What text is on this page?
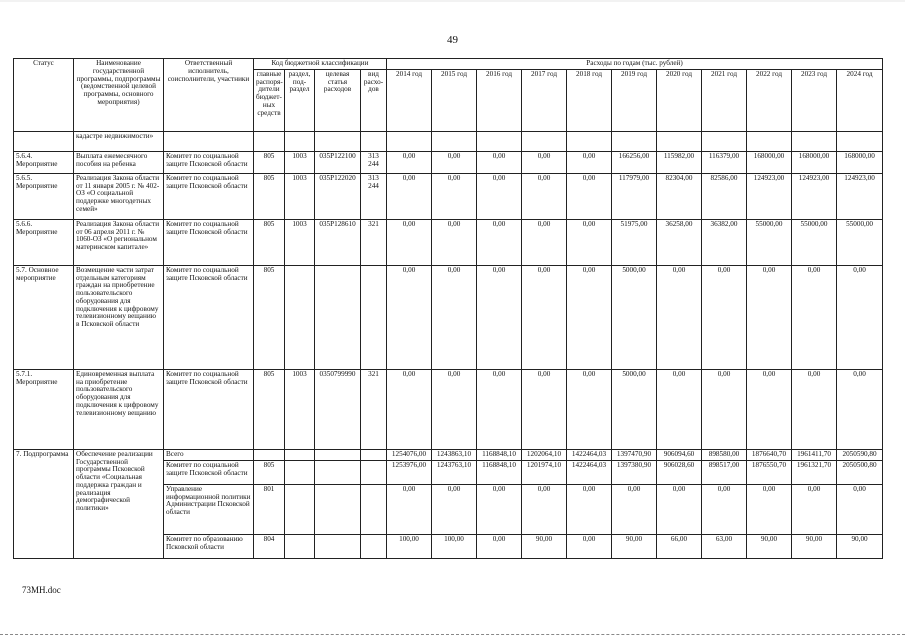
49
Статус	Наименование государственной программы, подпрограммы (ведомственной целевой программы, основного мероприятия)	Ответственный исполнитель, соисполнители, участники	Код бюджетной классификации				Расходы по годам (тыс. рублей)										
			главные распоря-дители бюджет-ных средств	раздел, под-раздел	целевая статья расходов	вид расхо-дов	2014 год	2015 год	2016 год	2017 год	2018 год	2019 год	2020 год	2021 год	2022 год	2023 год	2024 год
	кадастре недвижимости»																
5.6.4. Мероприятие	Выплата ежемесячного пособия на ребенка	Комитет по социальной защите Псковской области	805	1003	035Р122100	313 244	0,00	0,00	0,00	0,00	0,00	166256,00	115982,00	116379,00	168000,00	168000,00	168000,00
5.6.5. Мероприятие	Реализация Закона области от 11 января 2005 г. № 402-ОЗ «О социальной поддержке многодетных семей»	Комитет по социальной защите Псковской области	805	1003	035Р122020	313 244	0,00	0,00	0,00	0,00	0,00	117979,00	82304,00	82586,00	124923,00	124923,00	124923,00
5.6.6. Мероприятие	Реализация Закона области от 06 апреля 2011 г. № 1060-ОЗ «О региональном материнском капитале»	Комитет по социальной защите Псковской области	805	1003	035Р128610	321	0,00	0,00	0,00	0,00	0,00	51975,00	36258,00	36382,00	55000,00	55000,00	55000,00
5.7. Основное мероприятие	Возмещение части затрат отдельным категориям граждан на приобретение пользовательского оборудования для подключения к цифровому телевизионному вещанию в Псковской области	Комитет по социальной защите Псковской области	805				0,00	0,00	0,00	0,00	0,00	5000,00	0,00	0,00	0,00	0,00	0,00
5.7.1. Мероприятие	Единовременная выплата на приобретение пользовательского оборудования для подключения к цифровому телевизионному вещанию	Комитет по социальной защите Псковской области	805	1003	0350799990	321	0,00	0,00	0,00	0,00	0,00	5000,00	0,00	0,00	0,00	0,00	0,00
7. Подпрограмма	Обеспечение реализации Государственной программы Псковской области «Социальная поддержка граждан и реализация демографической политики»	Всего					1254076,00	1243863,10	1168848,10	1202064,10	1422464,03	1397470,90	906094,60	898580,00	1876640,70	1961411,70	2050590,80
		Комитет по социальной защите Псковской области	805				1253976,00	1243763,10	1168848,10	1201974,10	1422464,03	1397380,90	906028,60	898517,00	1876550,70	1961321,70	2050500,80
		Управление информационной политики Администрации Псковской области	801				0,00	0,00	0,00	0,00	0,00	0,00	0,00	0,00	0,00	0,00	0,00
		Комитет по образованию Псковской области	804				100,00	100,00	0,00	90,00	0,00	90,00	66,00	63,00	90,00	90,00	90,00
73МН.doc
